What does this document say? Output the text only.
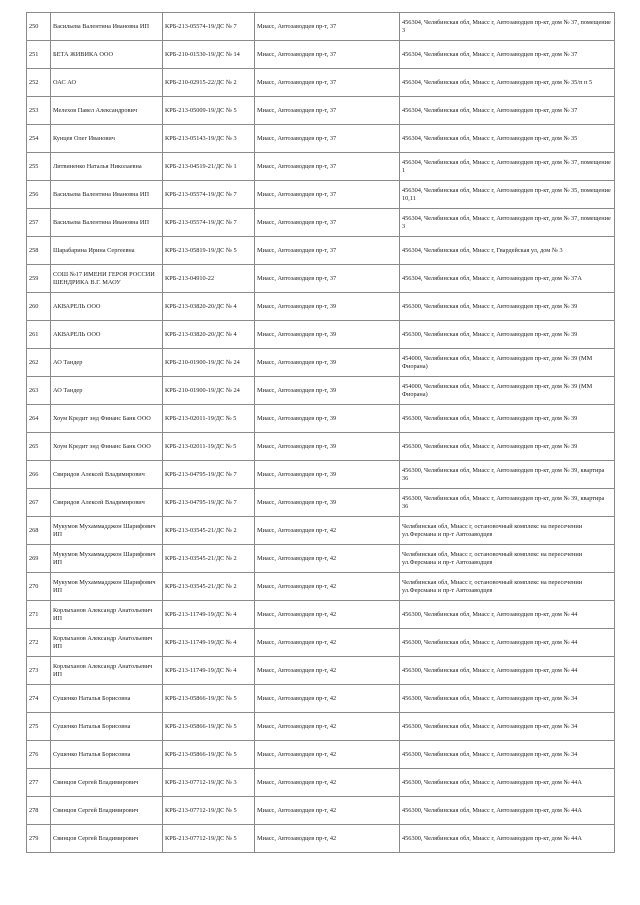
250	Васильева Валентина Ивановна ИП	КРБ-213-05574-19/ДС № 7	Миасс, Автозаводцев пр-т, 37	456304, Челябинская обл, Миасс г, Автозаводцев пр-кт, дом № 37, помещение 3
251	БЕТА ЖИВИКА ООО	КРБ-210-01530-19/ДС № 14	Миасс, Автозаводцев пр-т, 37	456304, Челябинская обл, Миасс г, Автозаводцев пр-кт, дом № 37
252	ОАС АО	КРБ-210-02915-22/ДС № 2	Миасс, Автозаводцев пр-т, 37	456304, Челябинская обл, Миасс г, Автозаводцев пр-кт, дом № 35/п п 5
253	Мелехов Павел Александрович	КРБ-213-05009-19/ДС № 5	Миасс, Автозаводцев пр-т, 37	456304, Челябинская обл, Миасс г, Автозаводцев пр-кт, дом № 37
254	Кунцев Олег Иванович	КРБ-213-05143-19/ДС № 3	Миасс, Автозаводцев пр-т, 37	456304, Челябинская обл, Миасс г, Автозаводцев пр-кт, дом № 35
255	Литвиненко Наталья Николаевна	КРБ-213-04519-21/ДС № 1	Миасс, Автозаводцев пр-т, 37	456304, Челябинская обл, Миасс г, Автозаводцев пр-кт, дом № 37, помещение 1
256	Васильева Валентина Ивановна ИП	КРБ-213-05574-19/ДС № 7	Миасс, Автозаводцев пр-т, 37	456304, Челябинская обл, Миасс г, Автозаводцев пр-кт, дом № 35, помещение 10,11
257	Васильева Валентина Ивановна ИП	КРБ-213-05574-19/ДС № 7	Миасс, Автозаводцев пр-т, 37	456304, Челябинская обл, Миасс г, Автозаводцев пр-кт, дом № 37, помещение 3
258	Шарабарина Ирина Сергеевна	КРБ-213-05819-19/ДС № 5	Миасс, Автозаводцев пр-т, 37	456304, Челябинская обл, Миасс г, Гвардейская ул, дом № 3
259	СОШ №17 ИМЕНИ ГЕРОЯ РОССИИ ШЕНДРИКА В.Г. МАОУ	КРБ-213-04910-22	Миасс, Автозаводцев пр-т, 37	456304, Челябинская обл, Миасс г, Автозаводцев пр-кт, дом № 37А
260	АКВАРЕЛЬ ООО	КРБ-213-03820-20/ДС № 4	Миасс, Автозаводцев пр-т, 39	456300, Челябинская обл, Миасс г, Автозаводцев пр-кт, дом № 39
261	АКВАРЕЛЬ ООО	КРБ-213-03820-20/ДС № 4	Миасс, Автозаводцев пр-т, 39	456300, Челябинская обл, Миасс г, Автозаводцев пр-кт, дом № 39
262	АО Тандер	КРБ-210-01900-19/ДС № 24	Миасс, Автозаводцев пр-т, 39	454000, Челябинская обл, Миасс г, Автозаводцев пр-кт, дом № 39 (ММ Фиорана)
263	АО Тандер	КРБ-210-01900-19/ДС № 24	Миасс, Автозаводцев пр-т, 39	454000, Челябинская обл, Миасс г, Автозаводцев пр-кт, дом № 39 (ММ Фиорана)
264	Хоум Кредит энд Финанс Банк ООО	КРБ-213-02011-19/ДС № 5	Миасс, Автозаводцев пр-т, 39	456300, Челябинская обл, Миасс г, Автозаводцев пр-кт, дом № 39
265	Хоум Кредит энд Финанс Банк ООО	КРБ-213-02011-19/ДС № 5	Миасс, Автозаводцев пр-т, 39	456300, Челябинская обл, Миасс г, Автозаводцев пр-кт, дом № 39
266	Свиридов Алексей Владимирович	КРБ-213-04795-19/ДС № 7	Миасс, Автозаводцев пр-т, 39	456300, Челябинская обл, Миасс г, Автозаводцев пр-кт, дом № 39, квартира 36
267	Свиридов Алексей Владимирович	КРБ-213-04795-19/ДС № 7	Миасс, Автозаводцев пр-т, 39	456300, Челябинская обл, Миасс г, Автозаводцев пр-кт, дом № 39, квартира 36
268	Мукумов Мухаммадджон Шарифович ИП	КРБ-213-03545-21/ДС № 2	Миасс, Автозаводцев пр-т, 42	Челябинская обл, Миасс г, остановочный комплекс на пересечении ул.Ферсмана и пр-т Автозаводцев
269	Мукумов Мухаммадджон Шарифович ИП	КРБ-213-03545-21/ДС № 2	Миасс, Автозаводцев пр-т, 42	Челябинская обл, Миасс г, остановочный комплекс на пересечении ул.Ферсмана и пр-т Автозаводцев
270	Мукумов Мухаммадджон Шарифович ИП	КРБ-213-03545-21/ДС № 2	Миасс, Автозаводцев пр-т, 42	Челябинская обл, Миасс г, остановочный комплекс на пересечении ул.Ферсмана и пр-т Автозаводцев
271	Корлыханов Александр Анатольевич ИП	КРБ-213-11749-19/ДС № 4	Миасс, Автозаводцев пр-т, 42	456300, Челябинская обл, Миасс г, Автозаводцев пр-кт, дом № 44
272	Корлыханов Александр Анатольевич ИП	КРБ-213-11749-19/ДС № 4	Миасс, Автозаводцев пр-т, 42	456300, Челябинская обл, Миасс г, Автозаводцев пр-кт, дом № 44
273	Корлыханов Александр Анатольевич ИП	КРБ-213-11749-19/ДС № 4	Миасс, Автозаводцев пр-т, 42	456300, Челябинская обл, Миасс г, Автозаводцев пр-кт, дом № 44
274	Сушенко Наталья Борисовна	КРБ-213-05866-19/ДС № 5	Миасс, Автозаводцев пр-т, 42	456300, Челябинская обл, Миасс г, Автозаводцев пр-кт, дом № 34
275	Сушенко Наталья Борисовна	КРБ-213-05866-19/ДС № 5	Миасс, Автозаводцев пр-т, 42	456300, Челябинская обл, Миасс г, Автозаводцев пр-кт, дом № 34
276	Сушенко Наталья Борисовна	КРБ-213-05866-19/ДС № 5	Миасс, Автозаводцев пр-т, 42	456300, Челябинская обл, Миасс г, Автозаводцев пр-кт, дом № 34
277	Свинцов Сергей Владимирович	КРБ-213-07712-19/ДС № 3	Миасс, Автозаводцев пр-т, 42	456300, Челябинская обл, Миасс г, Автозаводцев пр-кт, дом № 44А
278	Свинцов Сергей Владимирович	КРБ-213-07712-19/ДС № 5	Миасс, Автозаводцев пр-т, 42	456300, Челябинская обл, Миасс г, Автозаводцев пр-кт, дом № 44А
279	Свинцов Сергей Владимирович	КРБ-213-07712-19/ДС № 5	Миасс, Автозаводцев пр-т, 42	456300, Челябинская обл, Миасс г, Автозаводцев пр-кт, дом № 44А
